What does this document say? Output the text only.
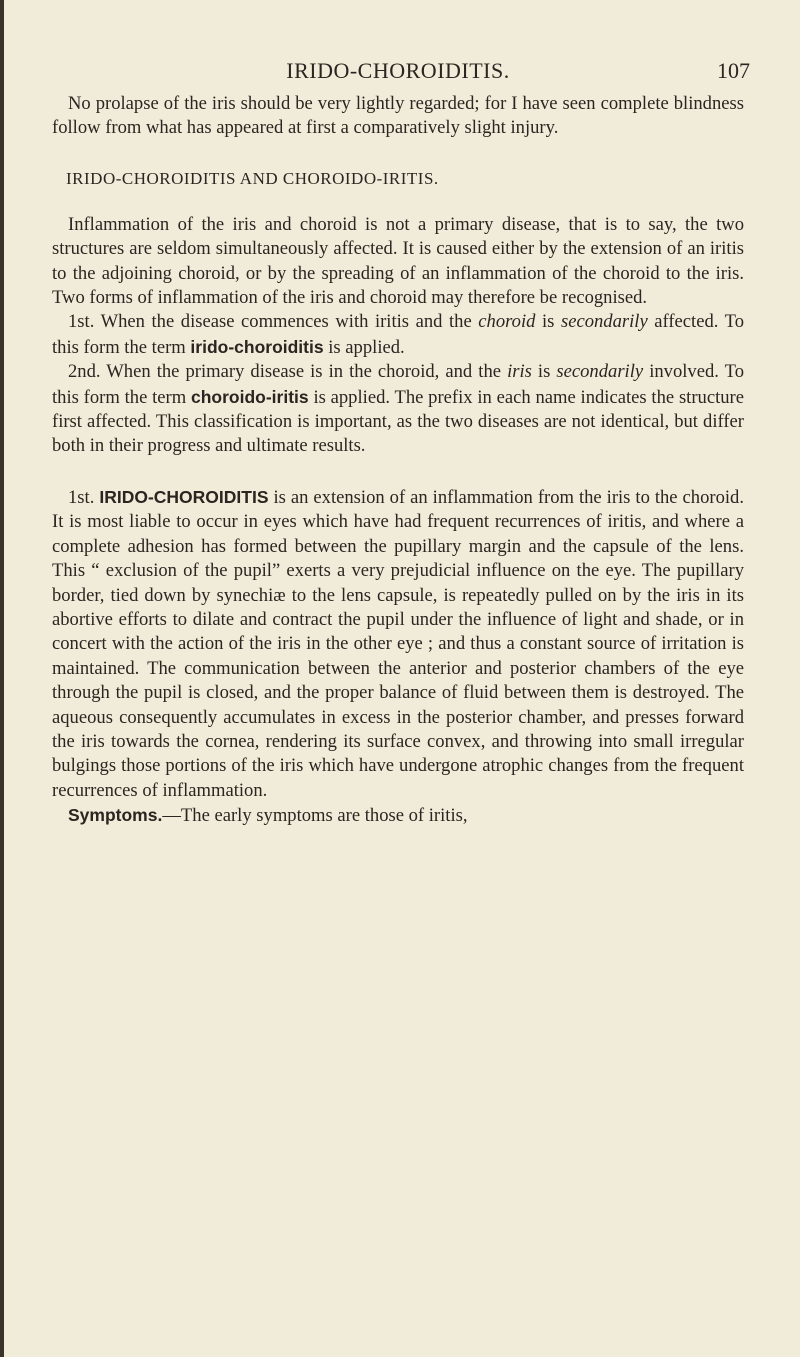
IRIDO-CHOROIDITIS.	107

No prolapse of the iris should be very lightly regarded; for I have seen complete blindness follow from what has appeared at first a comparatively slight injury.

IRIDO-CHOROIDITIS AND CHOROIDO-IRITIS.

Inflammation of the iris and choroid is not a primary disease, that is to say, the two structures are seldom simultaneously affected. It is caused either by the extension of an iritis to the adjoining choroid, or by the spreading of an inflammation of the choroid to the iris. Two forms of inflammation of the iris and choroid may therefore be recognised.

1st. When the disease commences with iritis and the choroid is secondarily affected. To this form the term irido-choroiditis is applied.

2nd. When the primary disease is in the choroid, and the iris is secondarily involved. To this form the term choroido-iritis is applied. The prefix in each name indicates the structure first affected. This classification is important, as the two diseases are not identical, but differ both in their progress and ultimate results.

1st. IRIDO-CHOROIDITIS is an extension of an inflammation from the iris to the choroid. It is most liable to occur in eyes which have had frequent recurrences of iritis, and where a complete adhesion has formed between the pupillary margin and the capsule of the lens. This “ exclusion of the pupil” exerts a very prejudicial influence on the eye. The pupillary border, tied down by synechiæ to the lens capsule, is repeatedly pulled on by the iris in its abortive efforts to dilate and contract the pupil under the influence of light and shade, or in concert with the action of the iris in the other eye ; and thus a constant source of irritation is maintained. The communication between the anterior and posterior chambers of the eye through the pupil is closed, and the proper balance of fluid between them is destroyed. The aqueous consequently accumulates in excess in the posterior chamber, and presses forward the iris towards the cornea, rendering its surface convex, and throwing into small irregular bulgings those portions of the iris which have undergone atrophic changes from the frequent recurrences of inflammation.

Symptoms.—The early symptoms are those of iritis,
